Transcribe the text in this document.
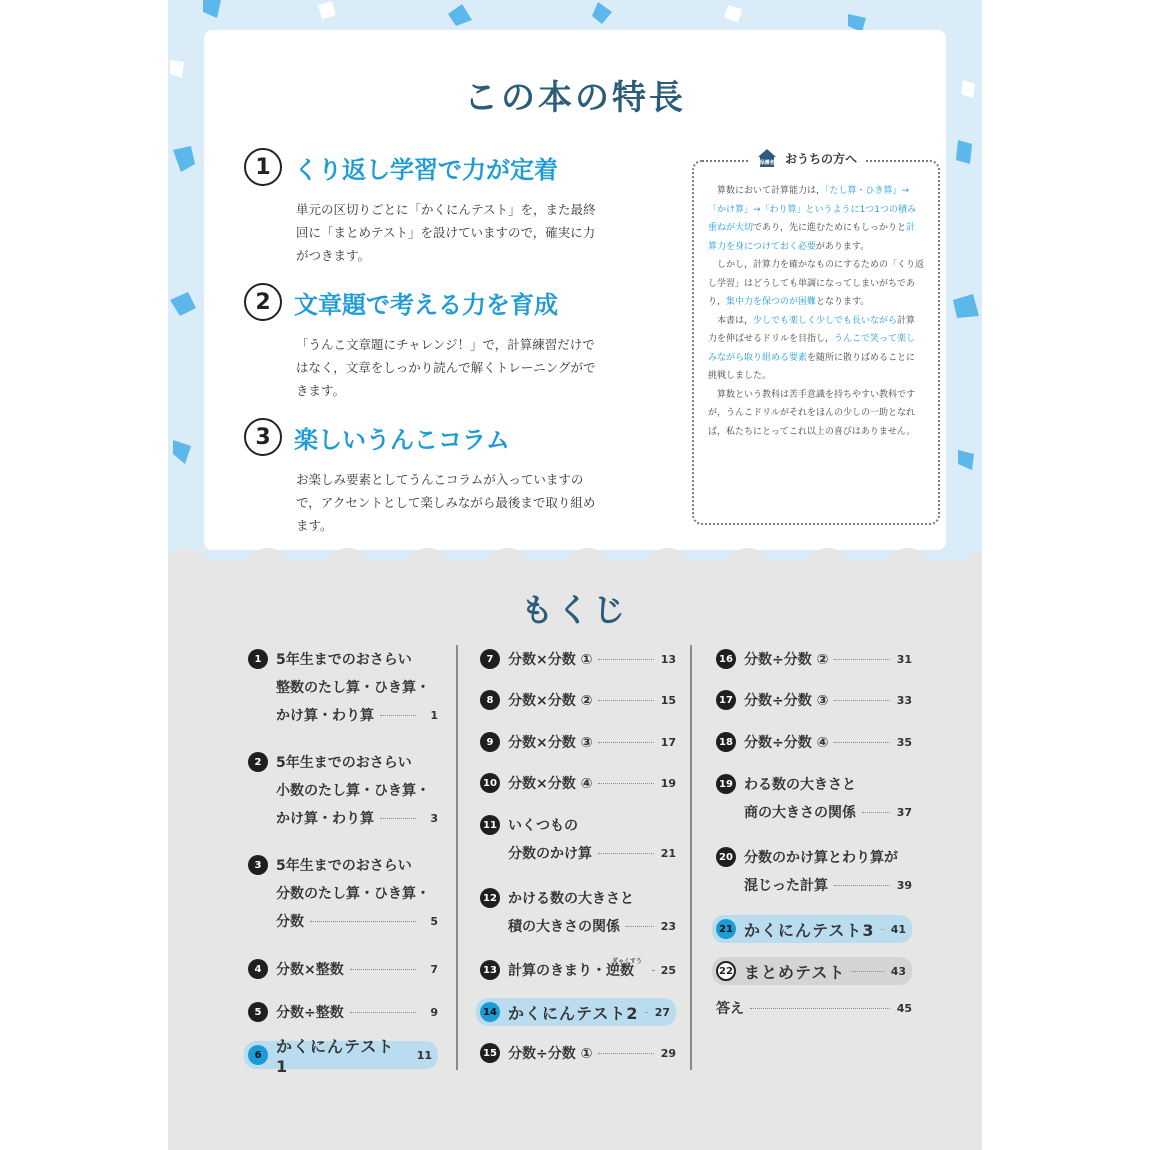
この本の特長
1 くり返し学習で力が定着
単元の区切りごとに「かくにんテスト」を，また最終回に「まとめテスト」を設けていますので，確実に力がつきます。
2 文章題で考える力を育成
「うんこ文章題にチャレンジ！」で，計算練習だけではなく，文章をしっかり読んで解くトレーニングができます。
3 楽しいうんこコラム
お楽しみ要素としてうんこコラムが入っていますので，アクセントとして楽しみながら最後まで取り組めます。
保護者 おうちの方へ

算数において計算能力は，「たし算・ひき算」→「かけ算」→「わり算」というように1つ1つの積み重ねが大切であり，先に進むためにもしっかりと計算力を身につけておく必要があります。

しかし，計算力を確かなものにするための「くり返し学習」はどうしても単調になってしまいがちであり，集中力を保つのが困難となります。

本書は，少しでも楽しく少しでも長いながら計算力を伸ばせるドリルを目指し，うんこで笑って楽しみながら取り組める要素を随所に散りばめることに挑戦しました。

算数という教科は苦手意識を持ちやすい教科ですが，うんこドリルがそれをほんの少しの一助となれば，私たちにとってこれ以上の喜びはありません。

もくじ
1	5年生までのおさらい
整数のたし算・ひき算・
かけ算・わり算	1
2	5年生までのおさらい
小数のたし算・ひき算・
かけ算・わり算	3
3	5年生までのおさらい
分数のたし算・ひき算・
分数	5
4	分数×整数	7
5	分数÷整数	9
6 かくにんテスト1
11
7	分数×分数 ①	13
8	分数×分数 ②	15
9	分数×分数 ③	17
10 分数×分数 ④	19
11 いくつもの
分数のかけ算	21
12 かける数の大きさと
積の大きさの関係	23
13 計算のきまり・逆数
ぎゃくすう
25
14 かくにんテスト2 27
15 分数÷分数 ①	29
16 分数÷分数 ②	31
17 分数÷分数 ③	33
18 分数÷分数 ④	35
19 わる数の大きさと
商の大きさの関係	37
20 分数のかけ算とわり算が
混じった計算	39
21 かくにんテスト3 41
22 まとめテスト	43
答え	45
